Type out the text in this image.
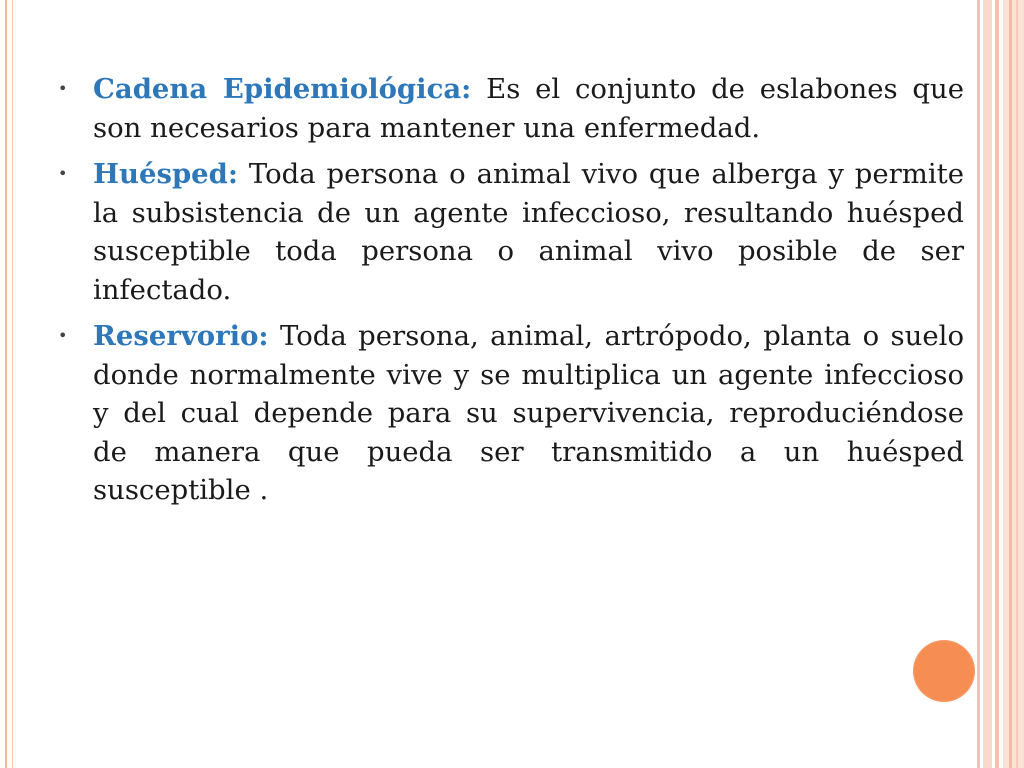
• Cadena Epidemiológica: Es el conjunto de eslabones que son necesarios para mantener una enfermedad.
• Huésped: Toda persona o animal vivo que alberga y permite la subsistencia de un agente infeccioso, resultando huésped susceptible toda persona o animal vivo posible de ser infectado.
• Reservorio: Toda persona, animal, artrópodo, planta o suelo donde normalmente vive y se multiplica un agente infeccioso y del cual depende para su supervivencia, reproduciéndose de manera que pueda ser transmitido a un huésped susceptible .
